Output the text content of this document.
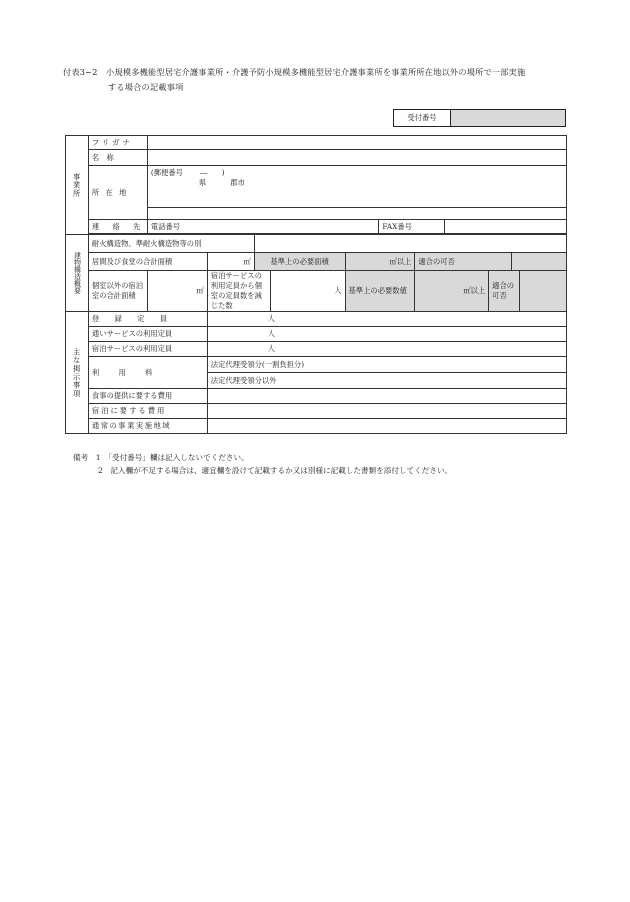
付表3−2　小規模多機能型居宅介護事業所・介護予防小規模多機能型居宅介護事業所を事業所所在地以外の場所で一部実施
する場合の記載事項
受付番号	
事業所	フリガナ											

	名　称											

	所 在 地	(郵便番号　　 ―　　)
県 郡市										

	連　絡　先	電話番号					FAX番号					

建物構造概要	耐火構造物、準耐火構造物等の別											
	居間及び食堂の合計面積		㎡	基準上の必要面積		㎡以上		適合の可否				
	個室以外の宿泊室の合計面積	㎡	宿泊サービスの利用定員から個室の定員数を減じた数		人	基準上の必要数値		㎡以上		適合の可否		
主な掲示事項	登　録　定　員		人									
	通いサービスの利用定員		人									
	宿泊サービスの利用定員		人									
	利　用　料		法定代理受領分(一割負担分)									
			法定代理受領分以外									
	食事の提供に要する費用											
	宿泊に要する費用											
	通常の事業実施地域											
備考　 1　「受付番号」欄は記入しないでください。
2　記入欄が不足する場合は、適宜欄を設けて記載するか又は別様に記載した書類を添付してください。
